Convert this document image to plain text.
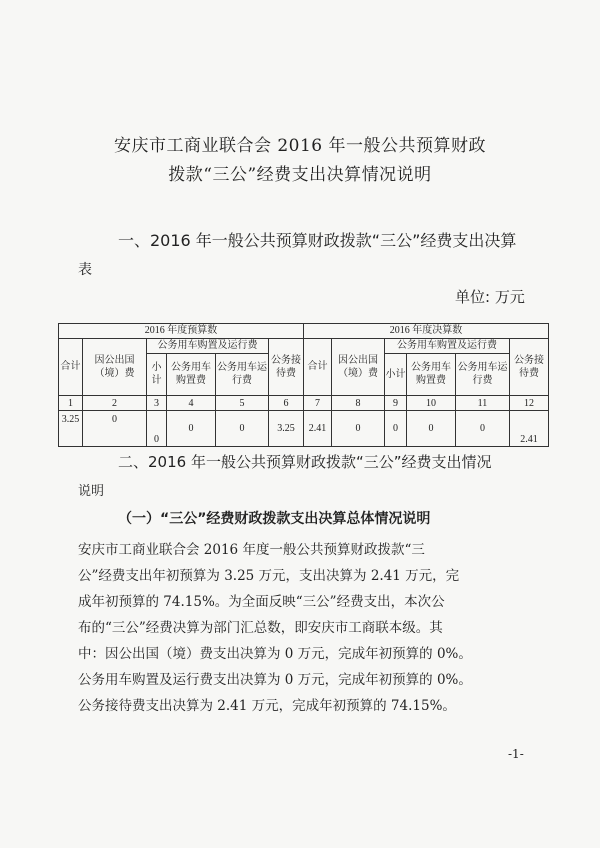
安庆市工商业联合会 2016 年一般公共预算财政
拨款“三公”经费支出决算情况说明
一、2016 年一般公共预算财政拨款“三公”经费支出决算
表
单位: 万元
2016 年度预算数						2016 年度决算数					
合计	因公出国（境）费	公务用车购置及运行费			公务接待费	合计	因公出国（境）费	公务用车购置及运行费			公务接待费
		小计	公务用车购置费	公务用车运行费				小计	公务用车购置费	公务用车运行费	
1	2	3	4	5	6	7	8	9	10	11	12
3.25	0	0	0	0	3.25	2.41	0	0	0	0	2.41
二、2016 年一般公共预算财政拨款“三公”经费支出情况
说明
（一）“三公”经费财政拨款支出决算总体情况说明
安庆市工商业联合会 2016 年度一般公共预算财政拨款“三
公”经费支出年初预算为 3.25 万元，支出决算为 2.41 万元，完
成年初预算的 74.15%。为全面反映“三公”经费支出，本次公
布的“三公”经费决算为部门汇总数，即安庆市工商联本级。其
中：因公出国（境）费支出决算为 0 万元，完成年初预算的 0%。
公务用车购置及运行费支出决算为 0 万元，完成年初预算的 0%。
公务接待费支出决算为 2.41 万元，完成年初预算的 74.15%。
-1-
